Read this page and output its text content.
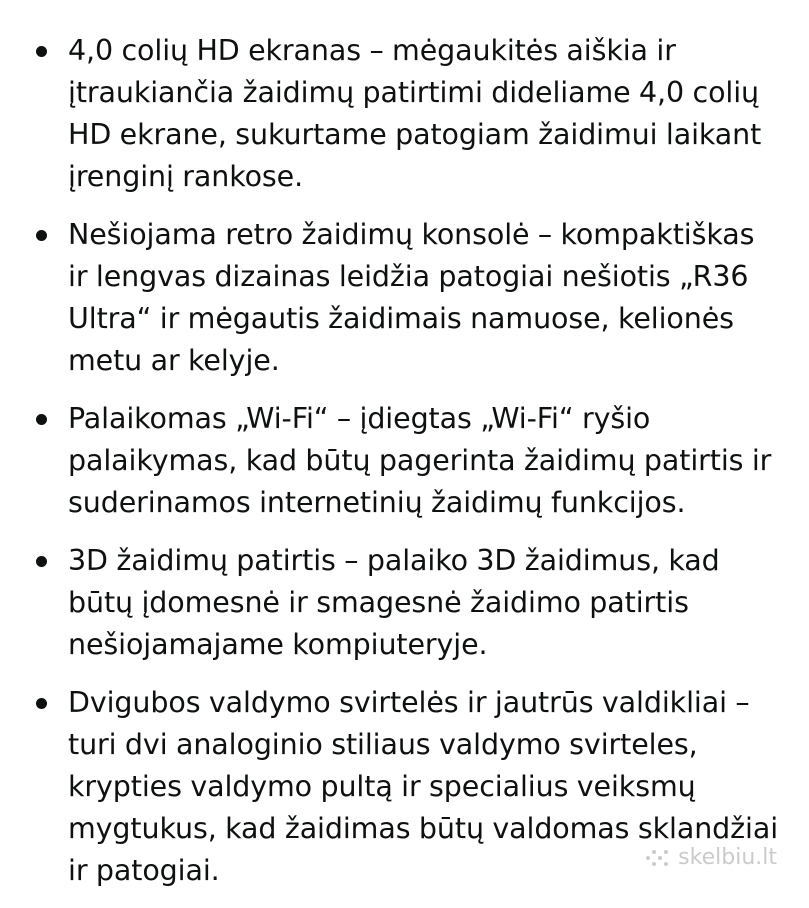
4,0 colių HD ekranas – mėgaukitės aiškia ir įtraukiančia žaidimų patirtimi dideliame 4,0 colių HD ekrane, sukurtame patogiam žaidimui laikant įrenginį rankose.
Nešiojama retro žaidimų konsolė – kompaktiškas ir lengvas dizainas leidžia patogiai nešiotis „R36 Ultra“ ir mėgautis žaidimais namuose, kelionės metu ar kelyje.
Palaikomas „Wi-Fi“ – įdiegtas „Wi-Fi“ ryšio palaikymas, kad būtų pagerinta žaidimų patirtis ir suderinamos internetinių žaidimų funkcijos.
3D žaidimų patirtis – palaiko 3D žaidimus, kad būtų įdomesnė ir smagesnė žaidimo patirtis nešiojamajame kompiuteryje.
Dvigubos valdymo svirtelės ir jautrūs valdikliai – turi dvi analoginio stiliaus valdymo svirteles, krypties valdymo pultą ir specialius veiksmų mygtukus, kad žaidimas būtų valdomas sklandžiai ir patogiai.	skelbiu.lt
